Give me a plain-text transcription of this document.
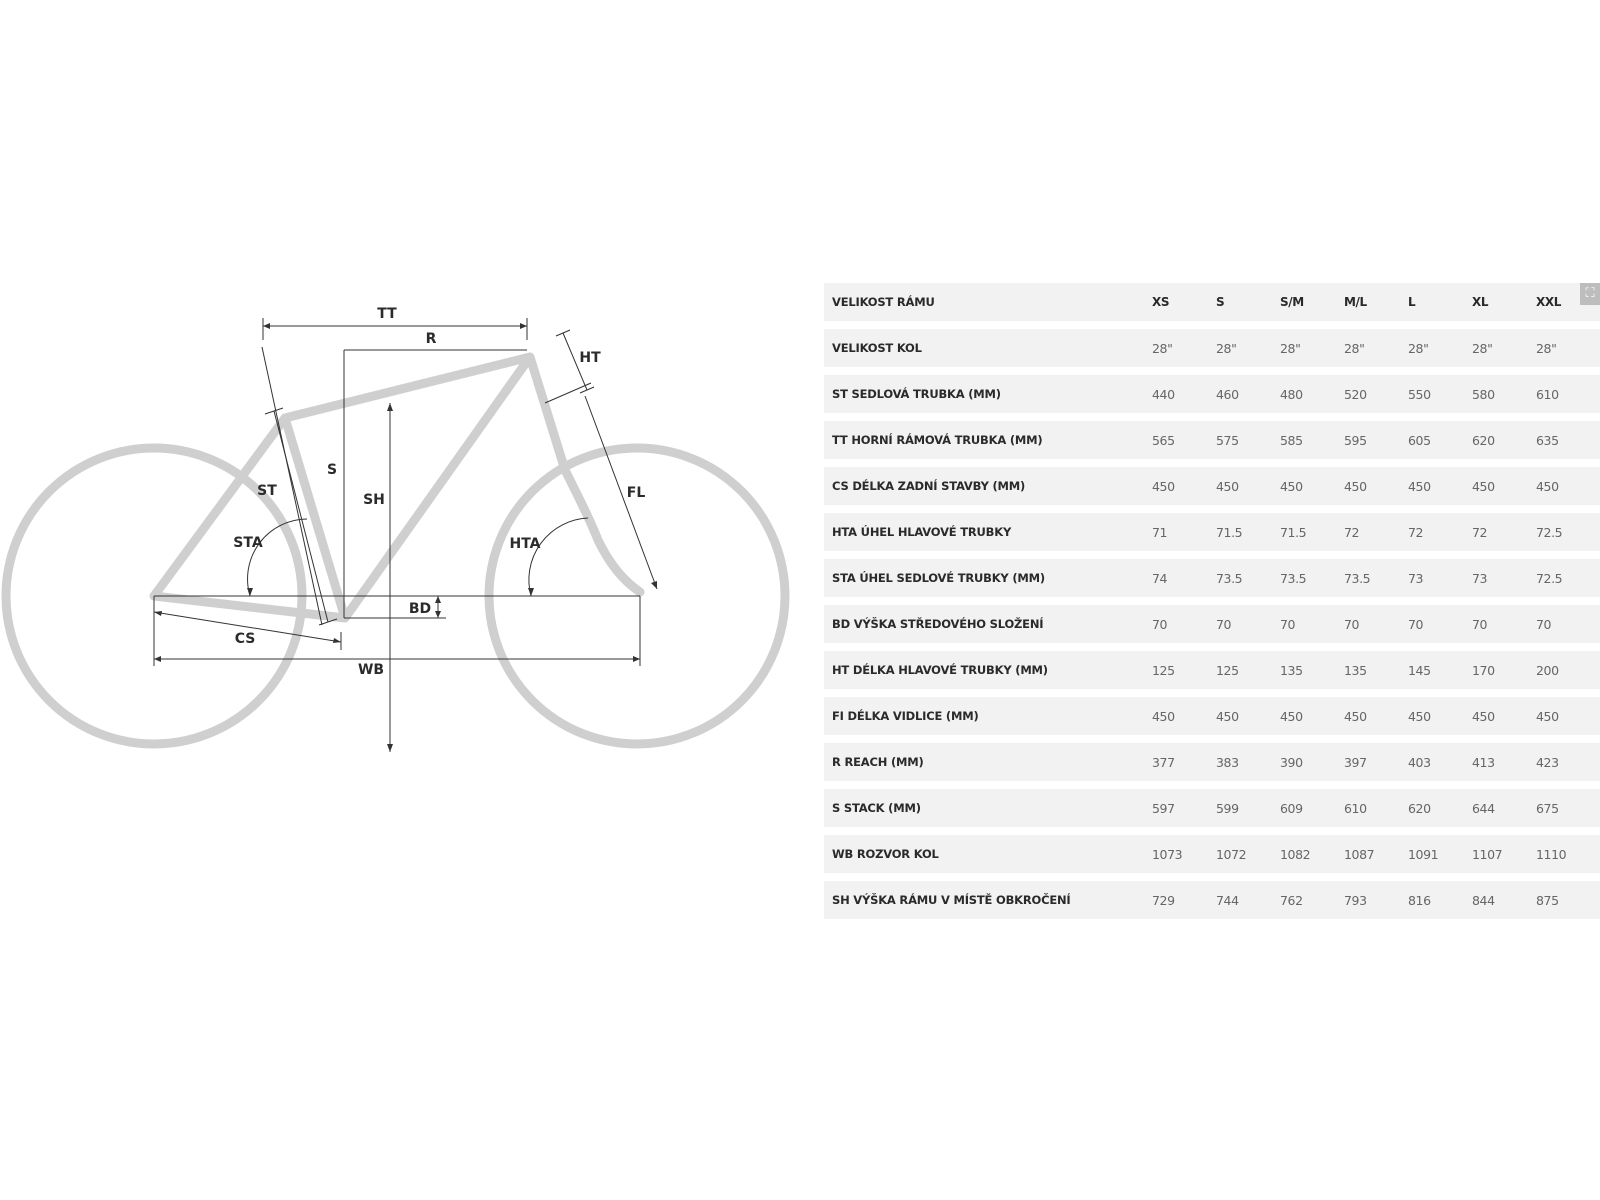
TT
R
S
HT
FL
SH
ST
STA	HTA
BD
CS
WB
VELIKOST RÁMU	XS	S	S/M	M/L	L	XL	XXL
VELIKOST KOL	28"	28"	28"	28"	28"	28"	28"
ST SEDLOVÁ TRUBKA (MM)	440	460	480	520	550	580	610
TT HORNÍ RÁMOVÁ TRUBKA (MM)	565	575	585	595	605	620	635
CS DÉLKA ZADNÍ STAVBY (MM)	450	450	450	450	450	450	450
HTA ÚHEL HLAVOVÉ TRUBKY	71	71.5	71.5	72	72	72	72.5
STA ÚHEL SEDLOVÉ TRUBKY (MM)	74	73.5	73.5	73.5	73	73	72.5
BD VÝŠKA STŘEDOVÉHO SLOŽENÍ	70	70	70	70	70	70	70
HT DÉLKA HLAVOVÉ TRUBKY (MM)	125	125	135	135	145	170	200
FI DÉLKA VIDLICE (MM)	450	450	450	450	450	450	450
R REACH (MM)	377	383	390	397	403	413	423
S STACK (MM)	597	599	609	610	620	644	675
WB ROZVOR KOL	1073	1072	1082	1087	1091	1107	1110
SH VÝŠKA RÁMU V MÍSTĚ OBKROČENÍ	729	744	762	793	816	844	875
⛶
